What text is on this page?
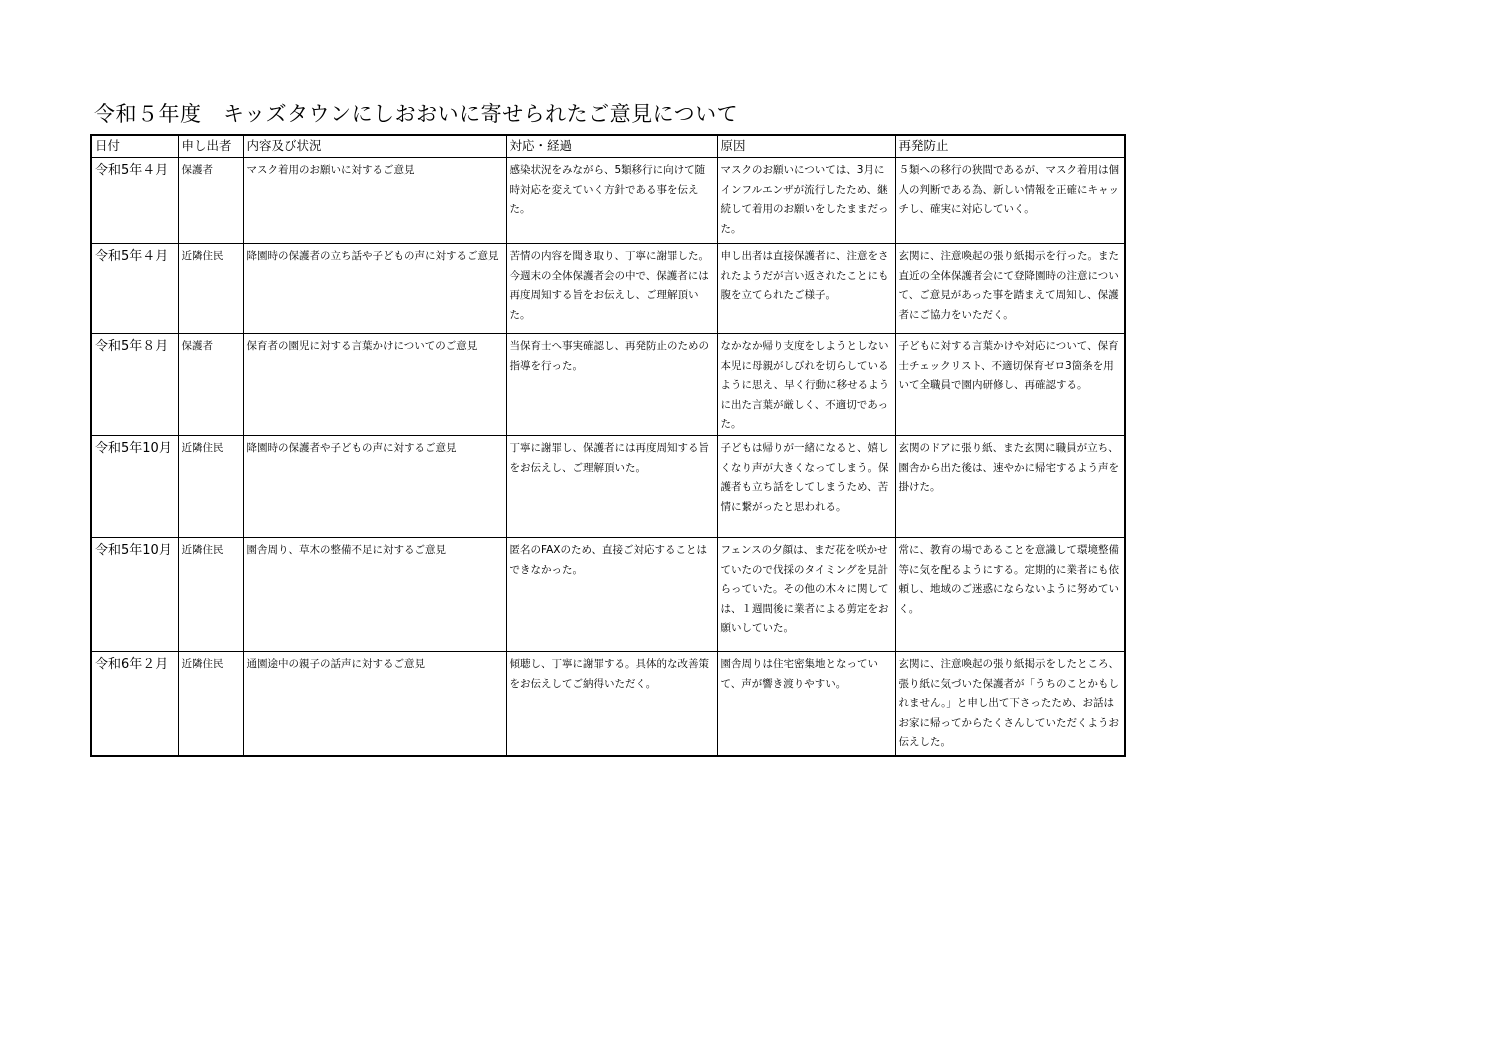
令和５年度　キッズタウンにしおおいに寄せられたご意見について
日付	申し出者	内容及び状況	対応・経過	原因	再発防止
令和5年４月	保護者	マスク着用のお願いに対するご意見	感染状況をみながら、5類移行に向けて随時対応を変えていく方針である事を伝えた。	マスクのお願いについては、3月にインフルエンザが流行したため、継続して着用のお願いをしたままだった。	５類への移行の狭間であるが、マスク着用は個人の判断である為、新しい情報を正確にキャッチし、確実に対応していく。
令和5年４月	近隣住民	降園時の保護者の立ち話や子どもの声に対するご意見	苦情の内容を聞き取り、丁寧に謝罪した。今週末の全体保護者会の中で、保護者には再度周知する旨をお伝えし、ご理解頂いた。	申し出者は直接保護者に、注意をされたようだが言い返されたことにも腹を立てられたご様子。	玄関に、注意喚起の張り紙掲示を行った。また直近の全体保護者会にて登降園時の注意について、ご意見があった事を踏まえて周知し、保護者にご協力をいただく。
令和5年８月	保護者	保育者の園児に対する言葉かけについてのご意見	当保育士へ事実確認し、再発防止のための指導を行った。	なかなか帰り支度をしようとしない本児に母親がしびれを切らしているように思え、早く行動に移せるように出た言葉が厳しく、不適切であった。	子どもに対する言葉かけや対応について、保育士チェックリスト、不適切保育ゼロ3箇条を用いて全職員で園内研修し、再確認する。
令和5年10月	近隣住民	降園時の保護者や子どもの声に対するご意見	丁寧に謝罪し、保護者には再度周知する旨をお伝えし、ご理解頂いた。	子どもは帰りが一緒になると、嬉しくなり声が大きくなってしまう。保護者も立ち話をしてしまうため、苦情に繋がったと思われる。	玄関のドアに張り紙、また玄関に職員が立ち、園舎から出た後は、速やかに帰宅するよう声を掛けた。
令和5年10月	近隣住民	園舎周り、草木の整備不足に対するご意見	匿名のFAXのため、直接ご対応することはできなかった。	フェンスの夕顔は、まだ花を咲かせていたので伐採のタイミングを見計らっていた。その他の木々に関しては、１週間後に業者による剪定をお願いしていた。	常に、教育の場であることを意識して環境整備等に気を配るようにする。定期的に業者にも依頼し、地域のご迷惑にならないように努めていく。
令和6年２月	近隣住民	通園途中の親子の話声に対するご意見	傾聴し、丁寧に謝罪する。具体的な改善策をお伝えしてご納得いただく。	園舎周りは住宅密集地となっていて、声が響き渡りやすい。	玄関に、注意喚起の張り紙掲示をしたところ、張り紙に気づいた保護者が「うちのことかもしれません。」と申し出て下さったため、お話はお家に帰ってからたくさんしていただくようお伝えした。
